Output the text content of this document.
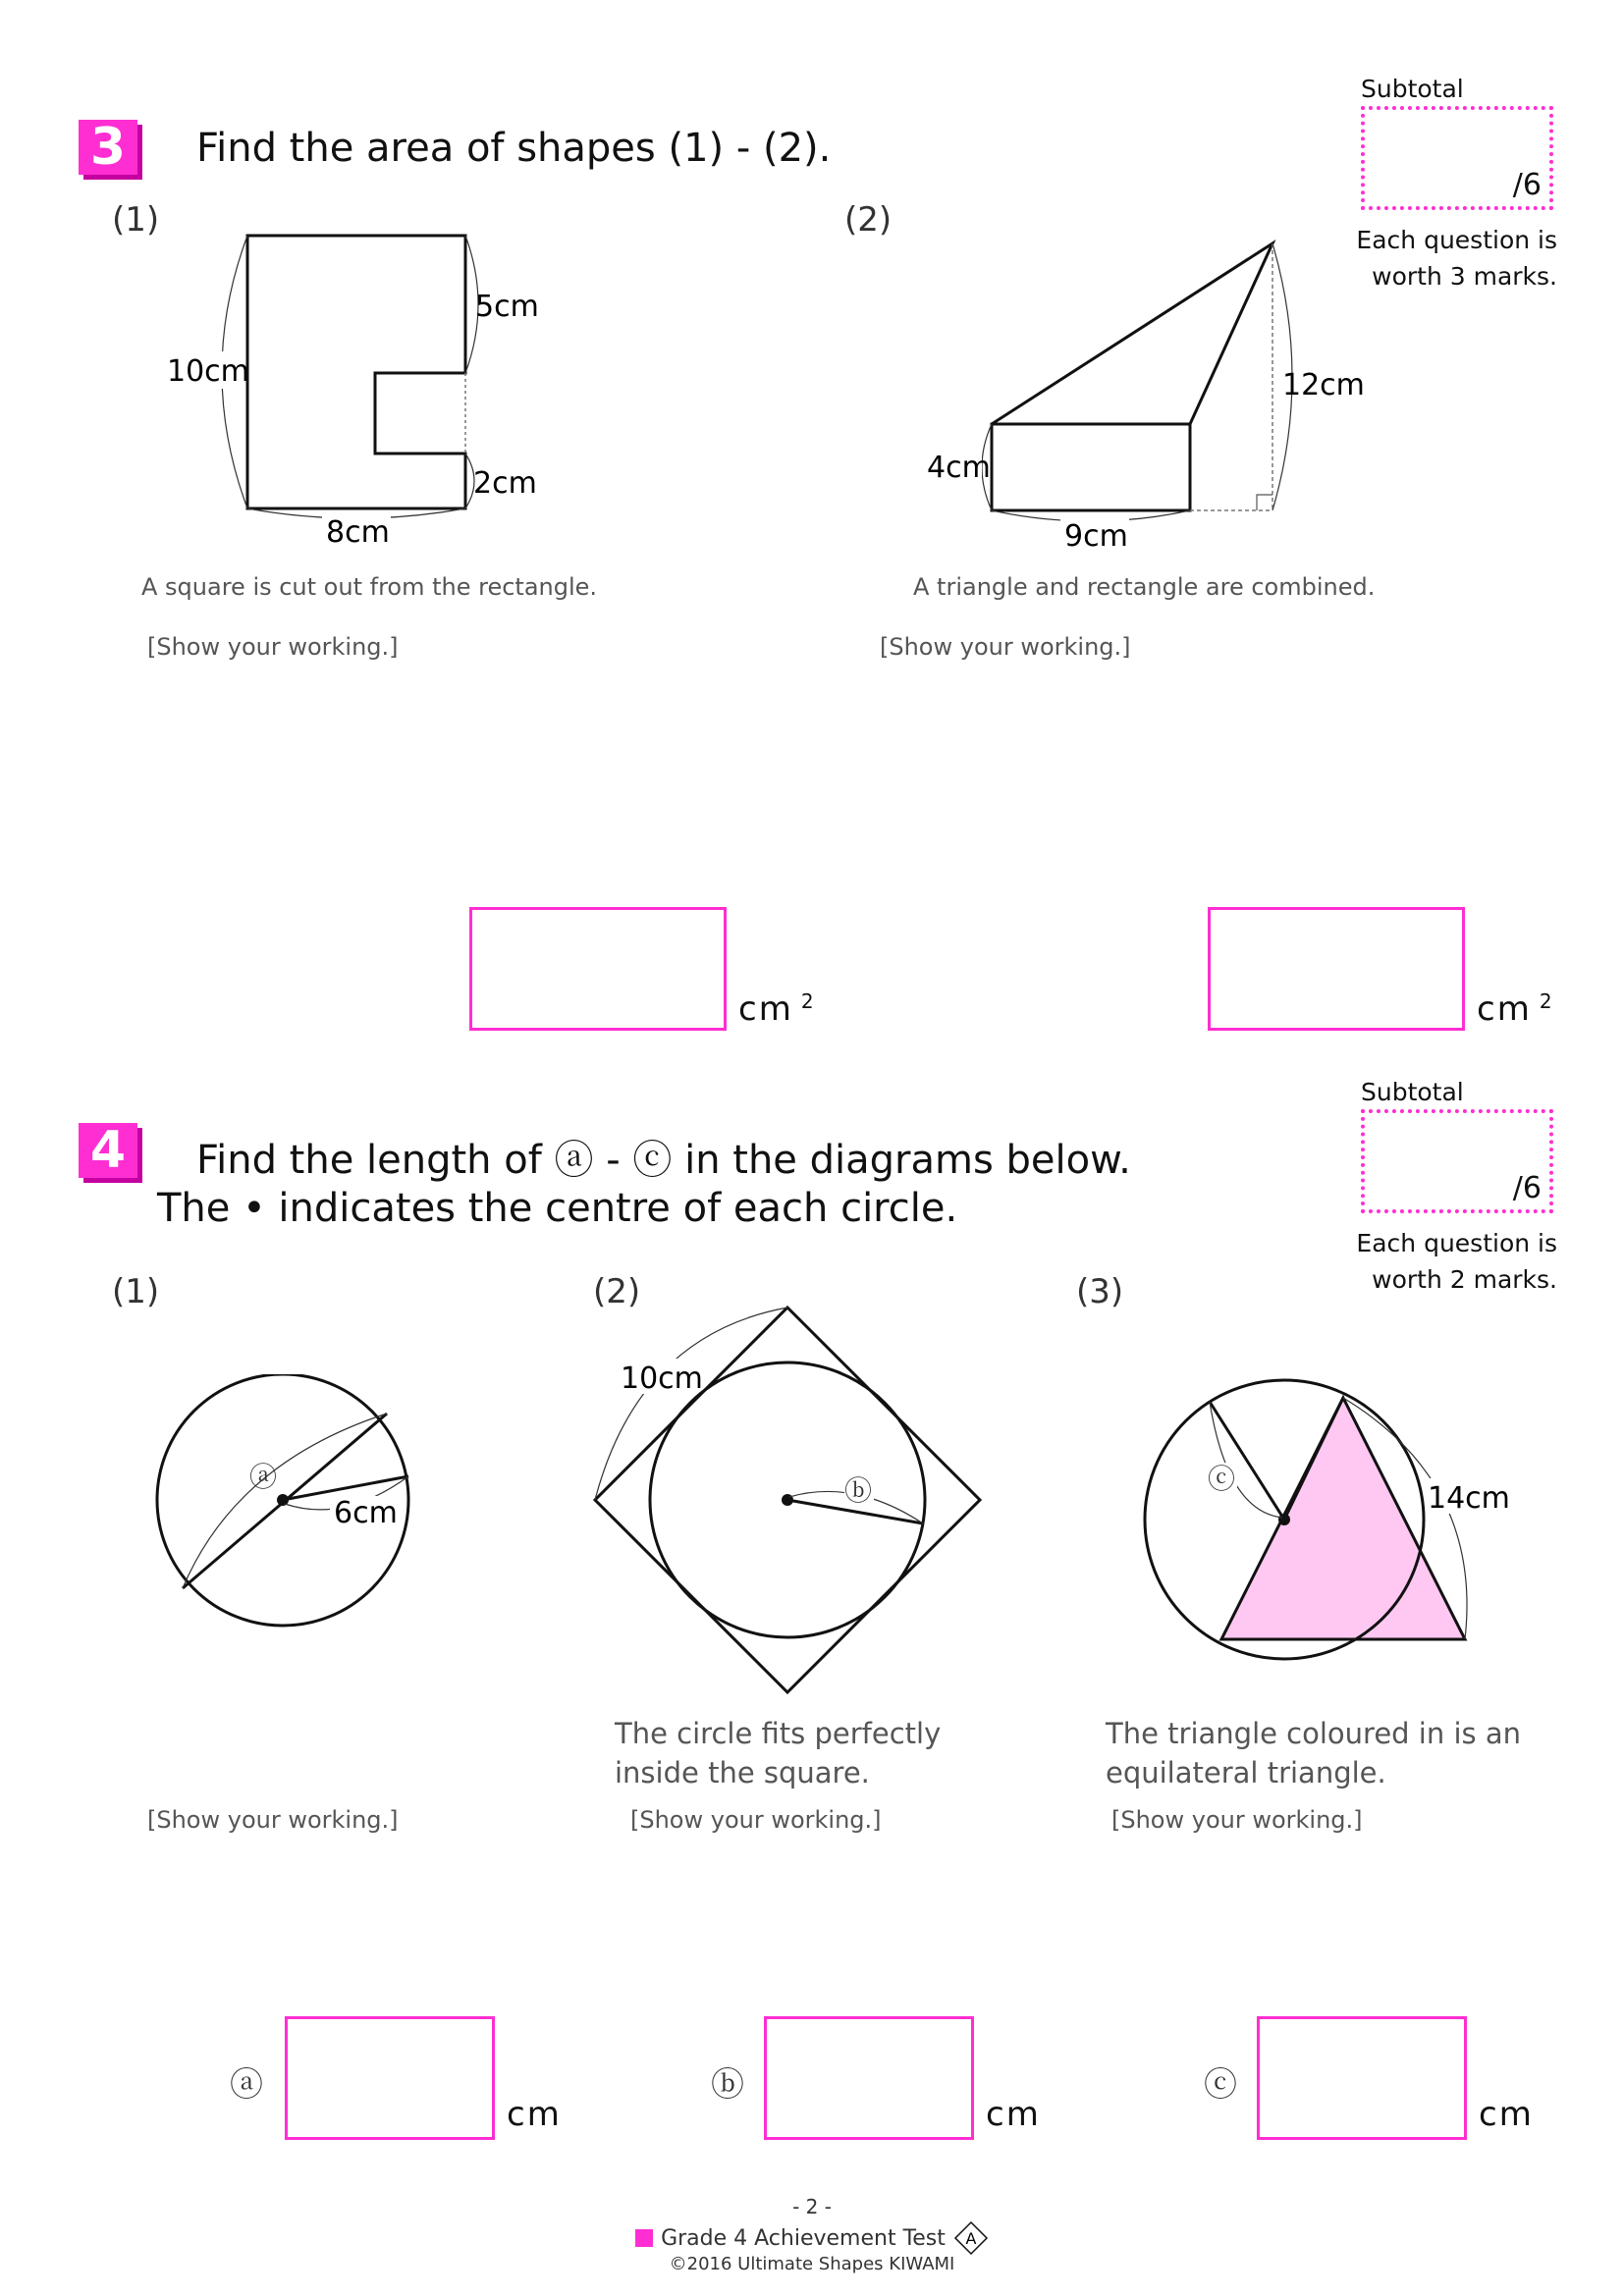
3 Find the area of shapes (1) - (2).
Subtotal
/6
Each question is
worth 3 marks.
(1)
10cm
5cm
2cm
8cm
A square is cut out from the rectangle.
[Show your working.]
cm $^2$
(2)
12cm
4cm
9cm
A triangle and rectangle are combined.
[Show your working.]
cm $^2$
4 Find the length of ⓐ - ⓒ in the diagrams below.
The • indicates the centre of each circle.
Subtotal
/6
Each question is
worth 2 marks.
(1)
ⓐ
6cm
[Show your working.]
ⓐ
cm
(2)
10cm
ⓑ
The circle fits perfectly
inside the square.
[Show your working.]
ⓑ
cm
(3)
ⓒ
14cm
The triangle coloured in is an
equilateral triangle.
[Show your working.]
ⓒ
cm
- 2 -
Grade 4 Achievement Test A
©2016 Ultimate Shapes KIWAMI
